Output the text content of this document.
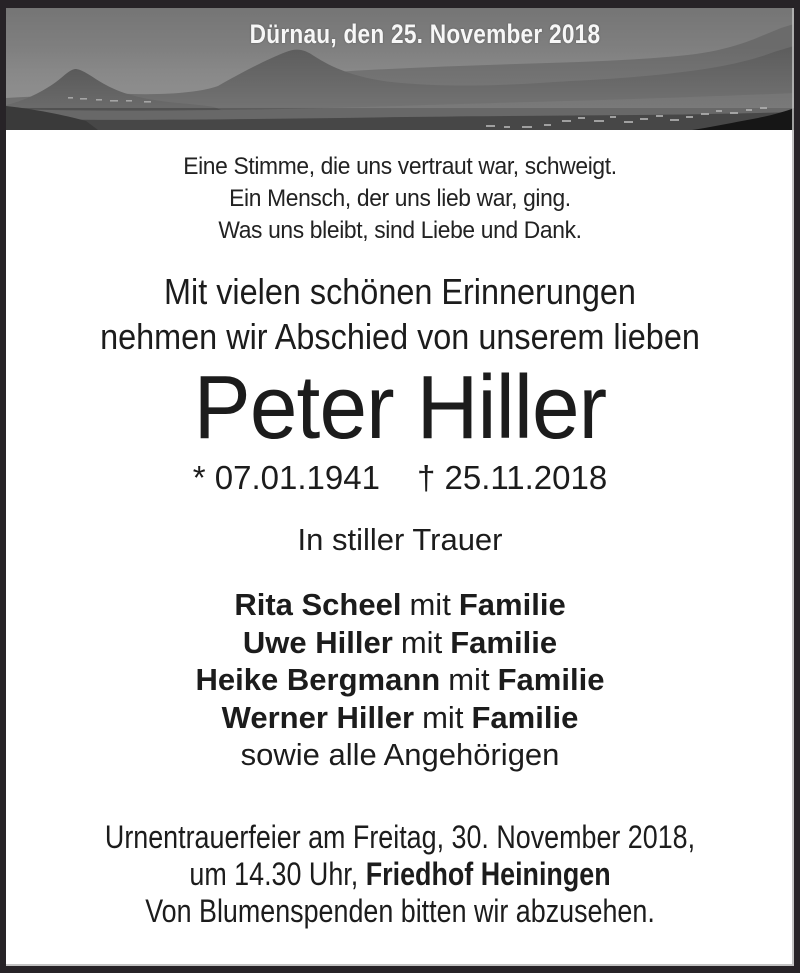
Dürnau, den 25. November 2018
Eine Stimme, die uns vertraut war, schweigt.
Ein Mensch, der uns lieb war, ging.
Was uns bleibt, sind Liebe und Dank.
Mit vielen schönen Erinnerungen
nehmen wir Abschied von unserem lieben
Peter Hiller
* 07.01.1941 † 25.11.2018
In stiller Trauer
Rita Scheel mit Familie
Uwe Hiller mit Familie
Heike Bergmann mit Familie
Werner Hiller mit Familie
sowie alle Angehörigen
Urnentrauerfeier am Freitag, 30. November 2018,
um 14.30 Uhr, Friedhof Heiningen
Von Blumenspenden bitten wir abzusehen.
